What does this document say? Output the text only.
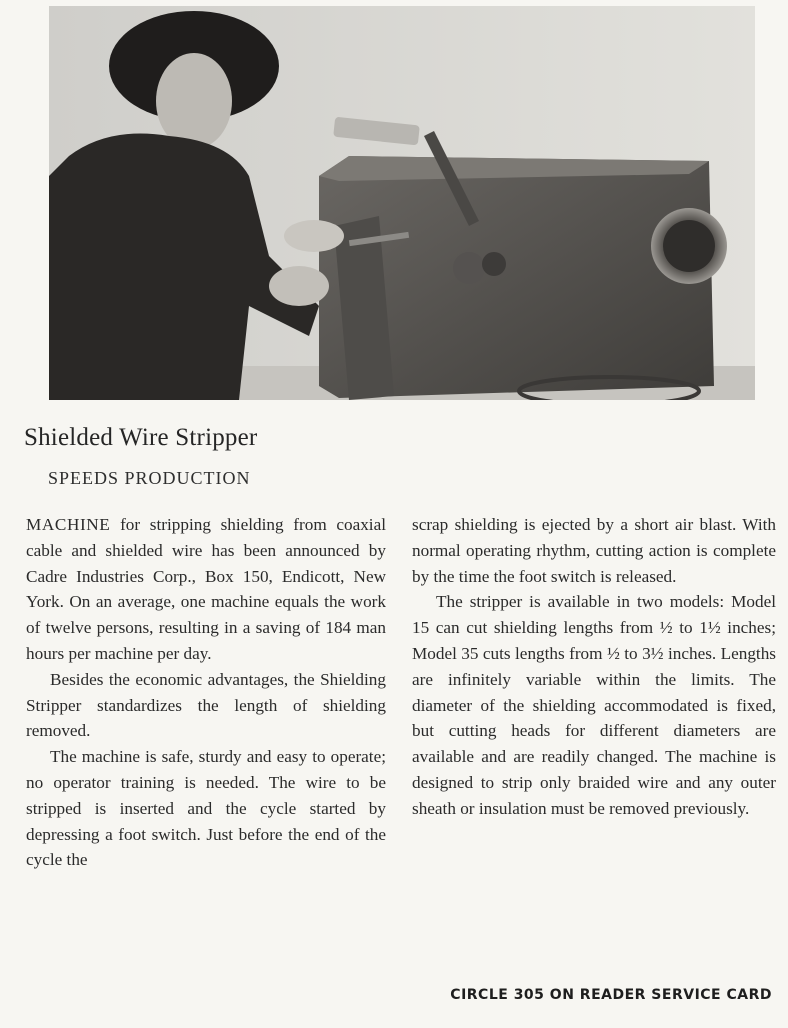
Shielded Wire Stripper
SPEEDS PRODUCTION

MACHINE for stripping shielding from coaxial cable and shielded wire has been announced by Cadre Industries Corp., Box 150, Endicott, New York. On an average, one machine equals the work of twelve persons, resulting in a saving of 184 man hours per machine per day.

Besides the economic advantages, the Shielding Stripper standardizes the length of shielding removed.

The machine is safe, sturdy and easy to operate; no operator training is needed. The wire to be stripped is inserted and the cycle started by depressing a foot switch. Just before the end of the cycle the

scrap shielding is ejected by a short air blast. With normal operating rhythm, cutting action is complete by the time the foot switch is released.

The stripper is available in two models: Model 15 can cut shielding lengths from ½ to 1½ inches; Model 35 cuts lengths from ½ to 3½ inches. Lengths are infinitely variable within the limits. The diameter of the shielding accommodated is fixed, but cutting heads for different diameters are available and are readily changed. The machine is designed to strip only braided wire and any outer sheath or insulation must be removed previously.

CIRCLE 305 ON READER SERVICE CARD
